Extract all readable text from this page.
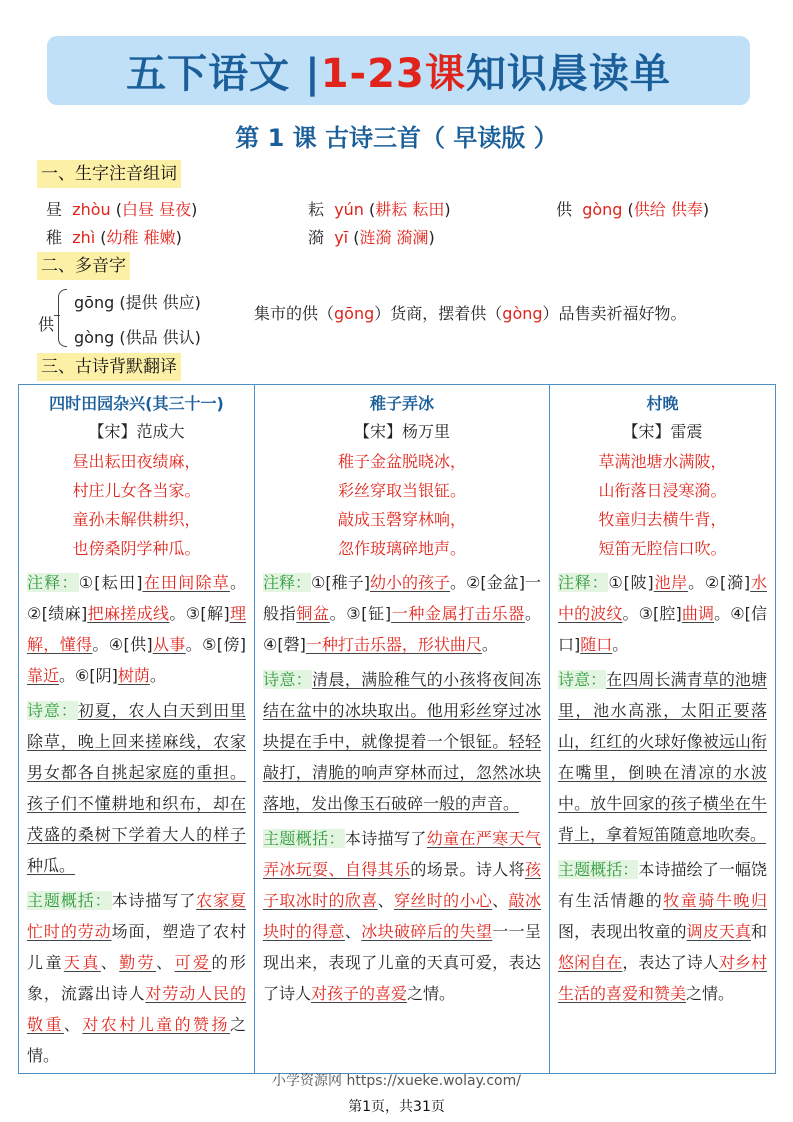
五下语文 | 1-23课 知识晨读单
第 1 课 古诗三首（ 早读版 ）
一、生字注音组词
昼 zhòu (白昼 昼夜)	耘 yún (耕耘 耘田)	供 gòng (供给 供奉)
稚 zhì (幼稚 稚嫩)	漪 yī (涟漪 漪澜)
二、多音字
供
gōng (提供 供应)
gòng (供品 供认)
集市的供（gōng）货商，摆着供（gòng）品售卖祈福好物。
三、古诗背默翻译
四时田园杂兴(其三十一)
【宋】范成大
昼出耘田夜绩麻，
村庄儿女各当家。
童孙未解供耕织，
也傍桑阴学种瓜。
注释：①[耘田]在田间除草。②[绩麻]把麻搓成线。③[解]理解，懂得。④[供]从事。⑤[傍]靠近。⑥[阴]树荫。
诗意：初夏，农人白天到田里除草，晚上回来搓麻线，农家男女都各自挑起家庭的重担。孩子们不懂耕地和织布，却在茂盛的桑树下学着大人的样子种瓜。
主题概括：本诗描写了农家夏忙时的劳动场面，塑造了农村儿童天真、勤劳、可爱的形象，流露出诗人对劳动人民的敬重、对农村儿童的赞扬之情。
稚子弄冰
【宋】杨万里
稚子金盆脱晓冰，
彩丝穿取当银钲。
敲成玉磬穿林响，
忽作玻璃碎地声。
注释：①[稚子]幼小的孩子。②[金盆]一般指铜盆。③[钲]一种金属打击乐器。④[磬]一种打击乐器，形状曲尺。
诗意：清晨，满脸稚气的小孩将夜间冻结在盆中的冰块取出。他用彩丝穿过冰块提在手中，就像提着一个银钲。轻轻敲打，清脆的响声穿林而过，忽然冰块落地，发出像玉石破碎一般的声音。
主题概括：本诗描写了幼童在严寒天气弄冰玩耍、自得其乐的场景。诗人将孩子取冰时的欣喜、穿丝时的小心、敲冰块时的得意、冰块破碎后的失望一一呈现出来，表现了儿童的天真可爱，表达了诗人对孩子的喜爱之情。
村晚
【宋】雷震
草满池塘水满陂，
山衔落日浸寒漪。
牧童归去横牛背，
短笛无腔信口吹。
注释：①[陂]池岸。②[漪]水中的波纹。③[腔]曲调。④[信口]随口。
诗意：在四周长满青草的池塘里，池水高涨，太阳正要落山，红红的火球好像被远山衔在嘴里，倒映在清凉的水波中。放牛回家的孩子横坐在牛背上，拿着短笛随意地吹奏。
主题概括：本诗描绘了一幅饶有生活情趣的牧童骑牛晚归图，表现出牧童的调皮天真和悠闲自在，表达了诗人对乡村生活的喜爱和赞美之情。
小学资源网 https://xueke.wolay.com/
第1页，共31页
